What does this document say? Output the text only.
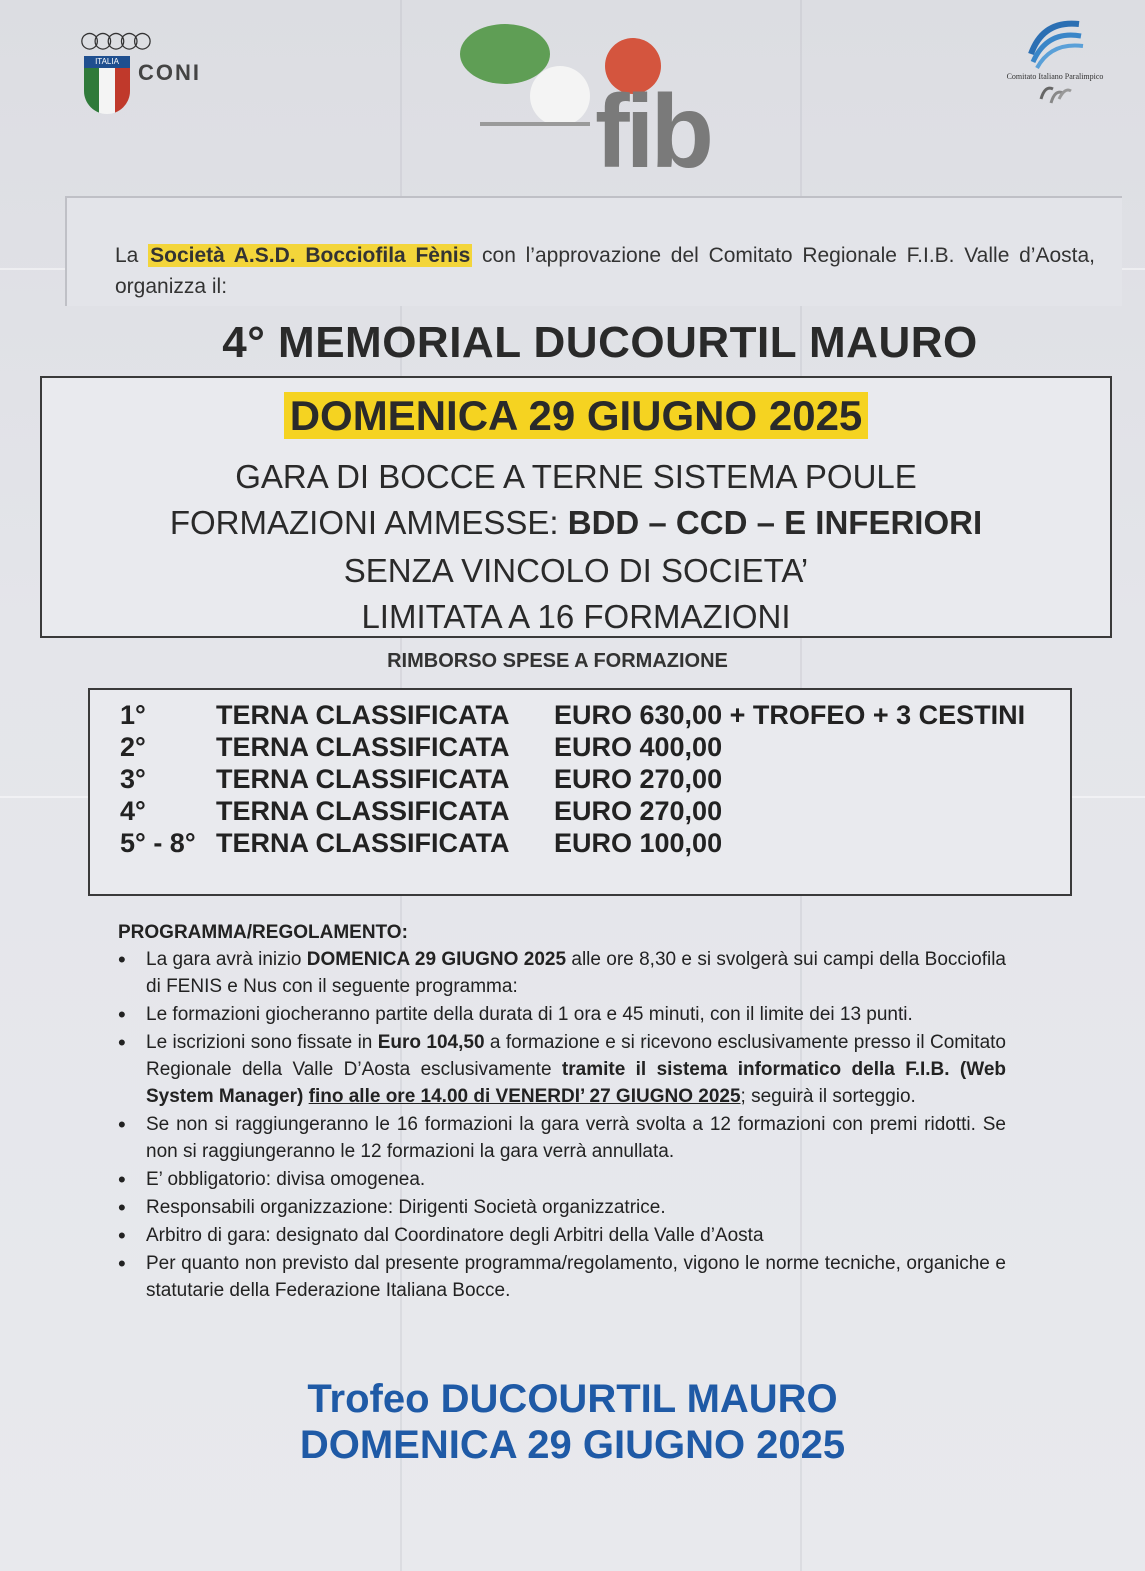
○○○○○
ITALIA CONI
fib	Comitato Italiano Paralimpico

La Società A.S.D. Bocciofila Fènis con l’approvazione del Comitato Regionale F.I.B. Valle d’Aosta, organizza il:

4° MEMORIAL DUCOURTIL MAURO
DOMENICA 29 GIUGNO 2025
GARA DI BOCCE A TERNE SISTEMA POULE
FORMAZIONI AMMESSE: BDD – CCD – E INFERIORI
SENZA VINCOLO DI SOCIETA’
LIMITATA A 16 FORMAZIONI
RIMBORSO SPESE A FORMAZIONE
1°	TERNA CLASSIFICATA EURO 630,00 + TROFEO + 3 CESTINI
2°	TERNA CLASSIFICATA EURO 400,00
3°	TERNA CLASSIFICATA EURO 270,00
4°	TERNA CLASSIFICATA EURO 270,00
5° - 8° TERNA CLASSIFICATA EURO 100,00
PROGRAMMA/REGOLAMENTO:
• La gara avrà inizio DOMENICA 29 GIUGNO 2025 alle ore 8,30 e si svolgerà sui campi della Bocciofila di FENIS e Nus con il seguente programma:
• Le formazioni giocheranno partite della durata di 1 ora e 45 minuti, con il limite dei 13 punti.
• Le iscrizioni sono fissate in Euro 104,50 a formazione e si ricevono esclusivamente presso il Comitato Regionale della Valle D’Aosta esclusivamente tramite il sistema informatico della F.I.B. (Web System Manager) fino alle ore 14.00 di VENERDI’ 27 GIUGNO 2025; seguirà il sorteggio.
• Se non si raggiungeranno le 16 formazioni la gara verrà svolta a 12 formazioni con premi ridotti. Se non si raggiungeranno le 12 formazioni la gara verrà annullata.
• E’ obbligatorio: divisa omogenea.
• Responsabili organizzazione: Dirigenti Società organizzatrice.
• Arbitro di gara: designato dal Coordinatore degli Arbitri della Valle d’Aosta
• Per quanto non previsto dal presente programma/regolamento, vigono le norme tecniche, organiche e statutarie della Federazione Italiana Bocce.
Trofeo DUCOURTIL MAURO
DOMENICA 29 GIUGNO 2025
